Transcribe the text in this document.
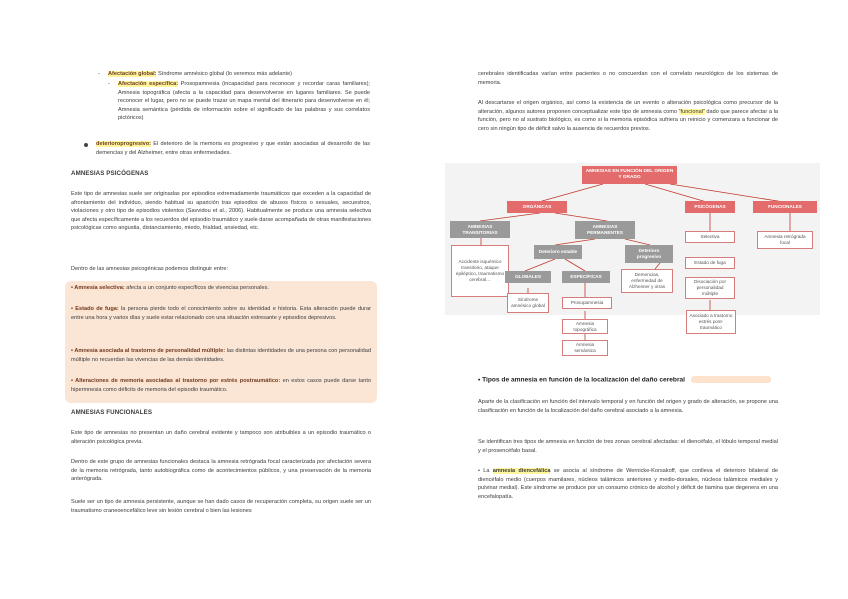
- Afectación global: Síndrome amnésico global (lo veremos más adelante)
- Afectación específica: Prosopamnesia (incapacidad para reconocer y recordar caras familiares); Amnesia topográfica (afecta a la capacidad para desenvolverse en lugares familiares. Se puede reconocer el lugar, pero no se puede trazar un mapa mental del itinerario para desenvolverse en él; Amnesia semántica (pérdida de información sobre el significado de las palabras y sus correlatos pictóricos)
deterioroprogresivo: El deterioro de la memoria es progresivo y que están asociadas al desarrollo de las demencias y del Alzheimer, entre otras enfermedades.
AMNESIAS PSICÓGENAS
Este tipo de amnesias suele ser originadas por episodios extremadamente traumáticos que exceden a la capacidad de afrontamiento del individuo, siendo habitual su aparición tras episodios de abusos físicos o sexuales, secuestros, violaciones y otro tipo de episodios violentos (Savvidou et al., 2006). Habitualmente se produce una amnesia selectiva que afecta específicamente a los recuerdos del episodio traumático y suele darse acompañada de otras manifestaciones psicológicas como angustia, distanciamiento, miedo, frialdad, ansiedad, etc.
Dentro de las amnesias psicogénicas podemos distinguir entre:
• Amnesia selectiva: afecta a un conjunto específicos de vivencias personales.
• Estado de fuga: la persona pierde todo el conocimiento sobre su identidad e historia. Esta alteración puede durar entre una hora y varios días y suele estar relacionado con una situación estresante y episodios depresivos.
• Amnesia asociada al trastorno de personalidad múltiple: las distintas identidades de una persona con personalidad múltiple no recuerdan las vivencias de las demás identidades.
• Alteraciones de memoria asociadas al trastorno por estrés postraumático: en estos casos puede darse tanto hipermnesia como déficits de memoria del episodio traumático.
AMNESIAS FUNCIONALES
Este tipo de amnesias no presentan un daño cerebral evidente y tampoco son atribuibles a un episodio traumático o alteración psicológica previa.
Dentro de este grupo de amnesias funcionales destaca la amnesia retrógrada focal caracterizada por afectación severa de la memoria retrógrada, tanto autobiográfica como de acontecimientos públicos, y una preservación de la memoria anterógrada.
Suele ser un tipo de amnesia persistente, aunque se han dado casos de recuperación completa, su origen suele ser un traumatismo craneoencefálico leve sin lesión cerebral o bien las lesiones
cerebrales identificadas varían entre pacientes o no concuerdan con el correlato neurológico de los sistemas de memoria.
Al descartarse el origen orgánico, así como la existencia de un evento o alteración psicológica como precursor de la alteración, algunos autores proponen conceptualizar este tipo de amnesia como “funcional” dado que parece afectar a la función, pero no al sustrato biológico, es como si la memoria episódica sufriera un reinicio y comenzara a funcionar de cero sin ningún tipo de déficit salvo la ausencia de recuerdos previos.
AMNESIAS EN FUNCIÓN DEL ORIGEN Y GRADO
ORGÁNICAS	PSICÓGENAS	FUNCIONALES
AMNESIAS TRANSITORIAS
AMNESIAS PERMANENTES
Accidente isquémico transitorio, ataque epiléptico, traumatismo cerebral…
Deterioro estable	Deterioro progresivo
GLOBALES	ESPECÍFICAS	Demencias, enfermedad de Alzheimer y otras
Síndrome amnésico global
Prosopamnesia
Selectiva
Estado de fuga
Disociación por personalidad múltiple
Amnesia retrógrada focal
Amnesia topográfica
Amnesia semántica
Asociado a trastorno estrés post-traumático
• Tipos de amnesia en función de la localización del daño cerebral
Aparte de la clasificación en función del intervalo temporal y en función del origen y grado de alteración, se propone una clasificación en función de la localización del daño cerebral asociado a la amnesia.
Se identifican tres tipos de amnesia en función de tres zonas cerebral afectadas: el diencéfalo, el lóbulo temporal medial y el prosencéfalo basal.
• La amnesia diencefálica se asocia al síndrome de Wernicke-Korsakoff, que conlleva el deterioro bilateral de diencéfalo medio (cuerpos mamilares, núcleos talámicos anteriores y medio-dorsales, núcleos talámicos mediales y pulvinar medial). Este síndrome se produce por un consumo crónico de alcohol y déficit de tiamina que degenera en una encefalopatía.
